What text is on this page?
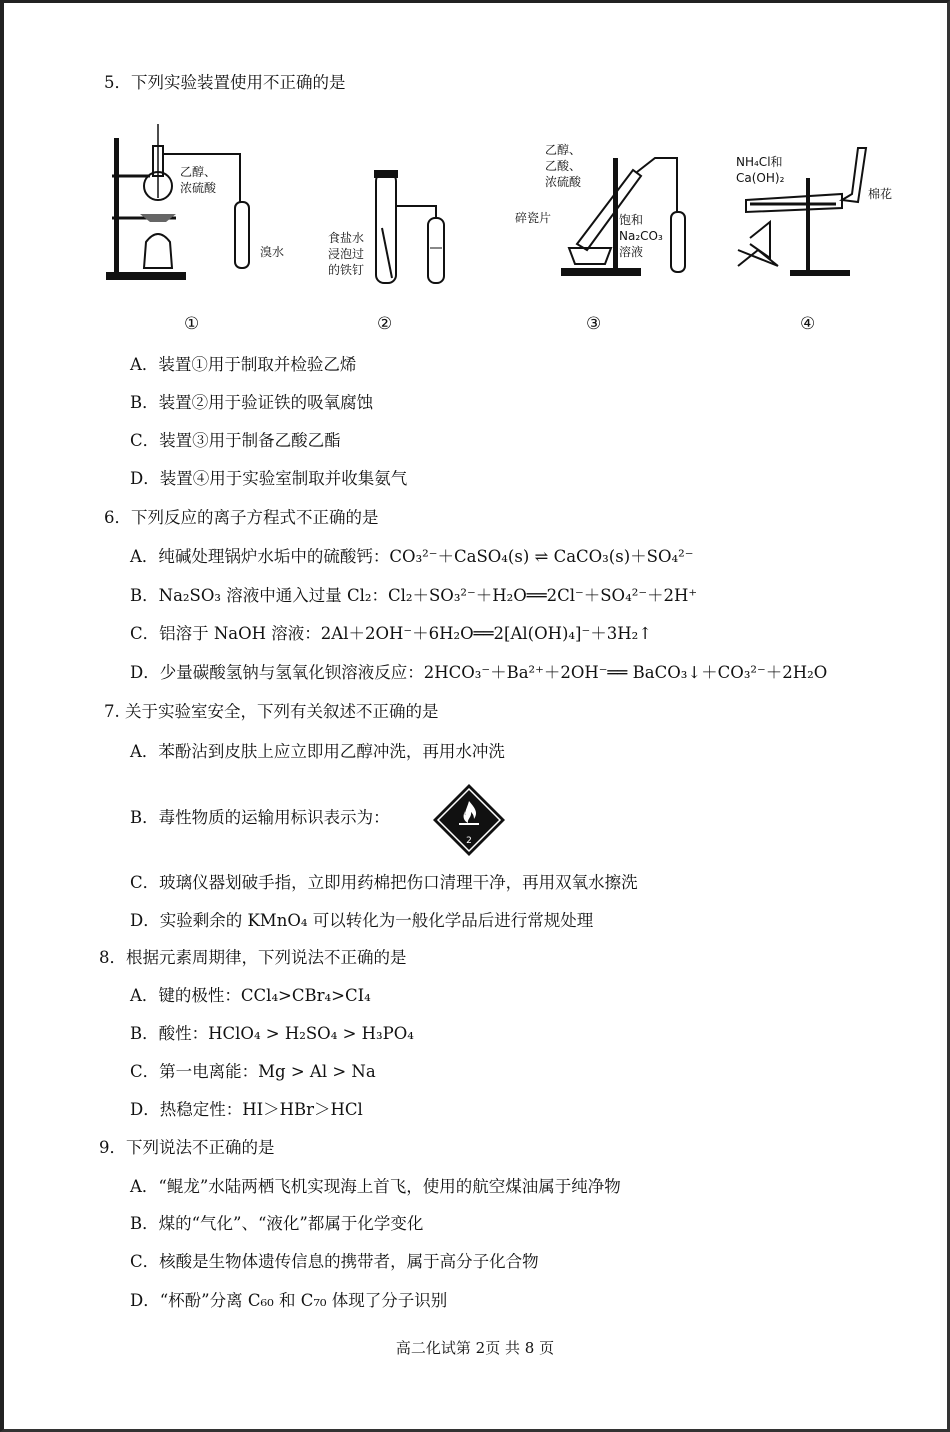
5．下列实验装置使用不正确的是
乙醇、
浓硫酸
溴水
食盐水
浸泡过
的铁钉
乙醇、
乙酸、
浓硫酸
碎瓷片	饱和
Na₂CO₃
溶液
NH₄Cl和
Ca(OH)₂
棉花
①	②	③	④
A．装置①用于制取并检验乙烯
B．装置②用于验证铁的吸氧腐蚀
C．装置③用于制备乙酸乙酯
D．装置④用于实验室制取并收集氨气
6．下列反应的离子方程式不正确的是
A．纯碱处理锅炉水垢中的硫酸钙：CO₃²⁻＋CaSO₄(s) ⇌ CaCO₃(s)＋SO₄²⁻
B．Na₂SO₃ 溶液中通入过量 Cl₂：Cl₂＋SO₃²⁻＋H₂O══2Cl⁻＋SO₄²⁻＋2H⁺
C．铝溶于 NaOH 溶液：2Al＋2OH⁻＋6H₂O══2[Al(OH)₄]⁻＋3H₂↑
D．少量碳酸氢钠与氢氧化钡溶液反应：2HCO₃⁻＋Ba²⁺＋2OH⁻══ BaCO₃↓＋CO₃²⁻＋2H₂O
7. 关于实验室安全，下列有关叙述不正确的是
A．苯酚沾到皮肤上应立即用乙醇冲洗，再用水冲洗
B．毒性物质的运输用标识表示为：
2
C．玻璃仪器划破手指，立即用药棉把伤口清理干净，再用双氧水擦洗
D．实验剩余的 KMnO₄ 可以转化为一般化学品后进行常规处理
8．根据元素周期律，下列说法不正确的是
A．键的极性：CCl₄>CBr₄>CI₄
B．酸性：HClO₄ > H₂SO₄ > H₃PO₄
C．第一电离能：Mg > Al > Na
D．热稳定性：HI＞HBr＞HCl
9．下列说法不正确的是
A．“鲲龙”水陆两栖飞机实现海上首飞，使用的航空煤油属于纯净物
B．煤的“气化”、“液化”都属于化学变化
C．核酸是生物体遗传信息的携带者，属于高分子化合物
D．“杯酚”分离 C₆₀ 和 C₇₀ 体现了分子识别
高二化试第 2页 共 8 页
